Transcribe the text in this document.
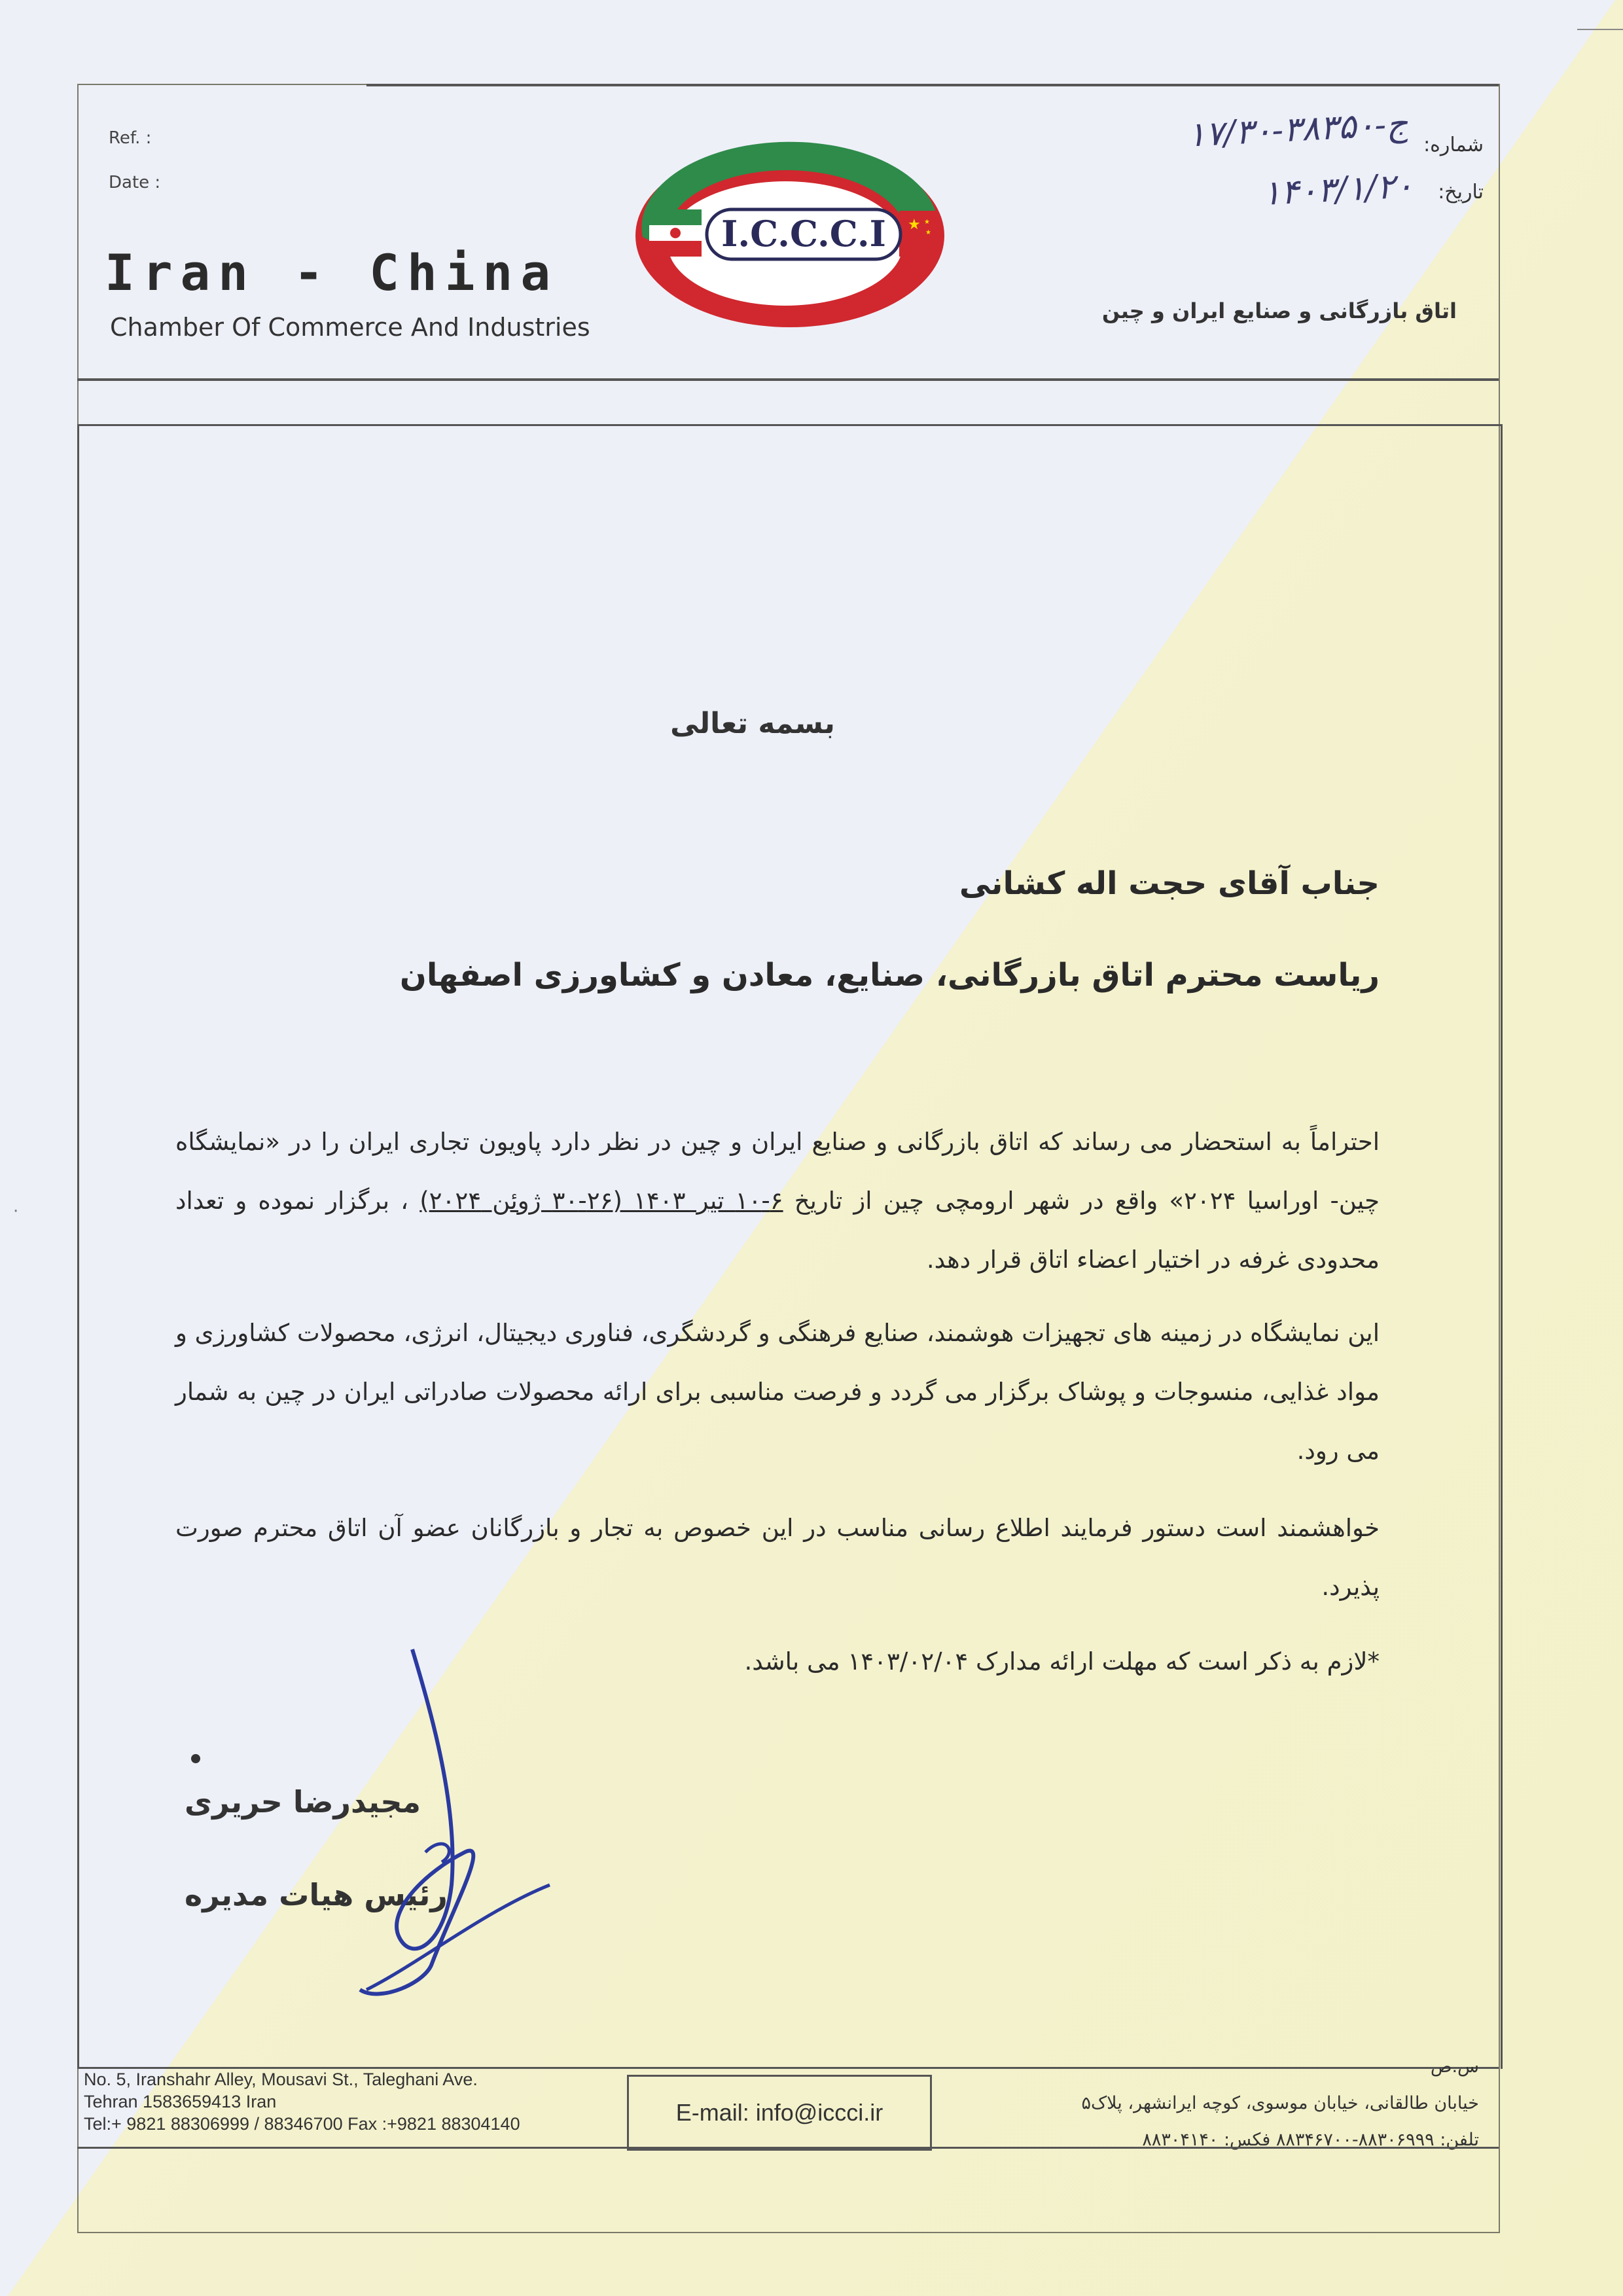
Ref. :
Date :
Iran - China
Chamber Of Commerce And Industries
★ ★
★
I.C.C.C.I
شماره:
۱۷/ج-۳۸۳۵۰-۳۰
تاریخ:
۱۴۰۳/۱/۲۰
اتاق بازرگانی و صنایع ایران و چین
بسمه تعالی
جناب آقای حجت اله کشانی
ریاست محترم اتاق بازرگانی، صنایع، معادن و کشاورزی اصفهان
احتراماً به استحضار می رساند که اتاق بازرگانی و صنایع ایران و چین در نظر دارد پاویون تجاری ایران را در «نمایشگاه چین- اوراسیا ۲۰۲۴» واقع در شهر ارومچی چین از تاریخ ۶-۱۰ تیر ۱۴۰۳ (۲۶-۳۰ ژوئن ۲۰۲۴) ، برگزار نموده و تعداد محدودی غرفه در اختیار اعضاء اتاق قرار دهد.
این نمایشگاه در زمینه های تجهیزات هوشمند، صنایع فرهنگی و گردشگری، فناوری دیجیتال، انرژی، محصولات کشاورزی و مواد غذایی، منسوجات و پوشاک برگزار می گردد و فرصت مناسبی برای ارائه محصولات صادراتی ایران در چین به شمار می رود.
خواهشمند است دستور فرمایند اطلاع رسانی مناسب در این خصوص به تجار و بازرگانان عضو آن اتاق محترم صورت پذیرد.
*لازم به ذکر است که مهلت ارائه مدارک ۱۴۰۳/۰۲/۰۴ می باشد.
مجیدرضا حریری
رئیس هیات مدیره
No. 5, Iranshahr Alley, Mousavi St., Taleghani Ave.
Tehran 1583659413 Iran
Tel:+ 9821 88306999 / 88346700 Fax :+9821 88304140	E-mail: info@iccci.ir
س.ص
خیابان طالقانی، خیابان موسوی، کوچه ایرانشهر، پلاک۵
تلفن: ۸۸۳۰۶۹۹۹-۸۸۳۴۶۷۰۰ فکس: ۸۸۳۰۴۱۴۰
·
